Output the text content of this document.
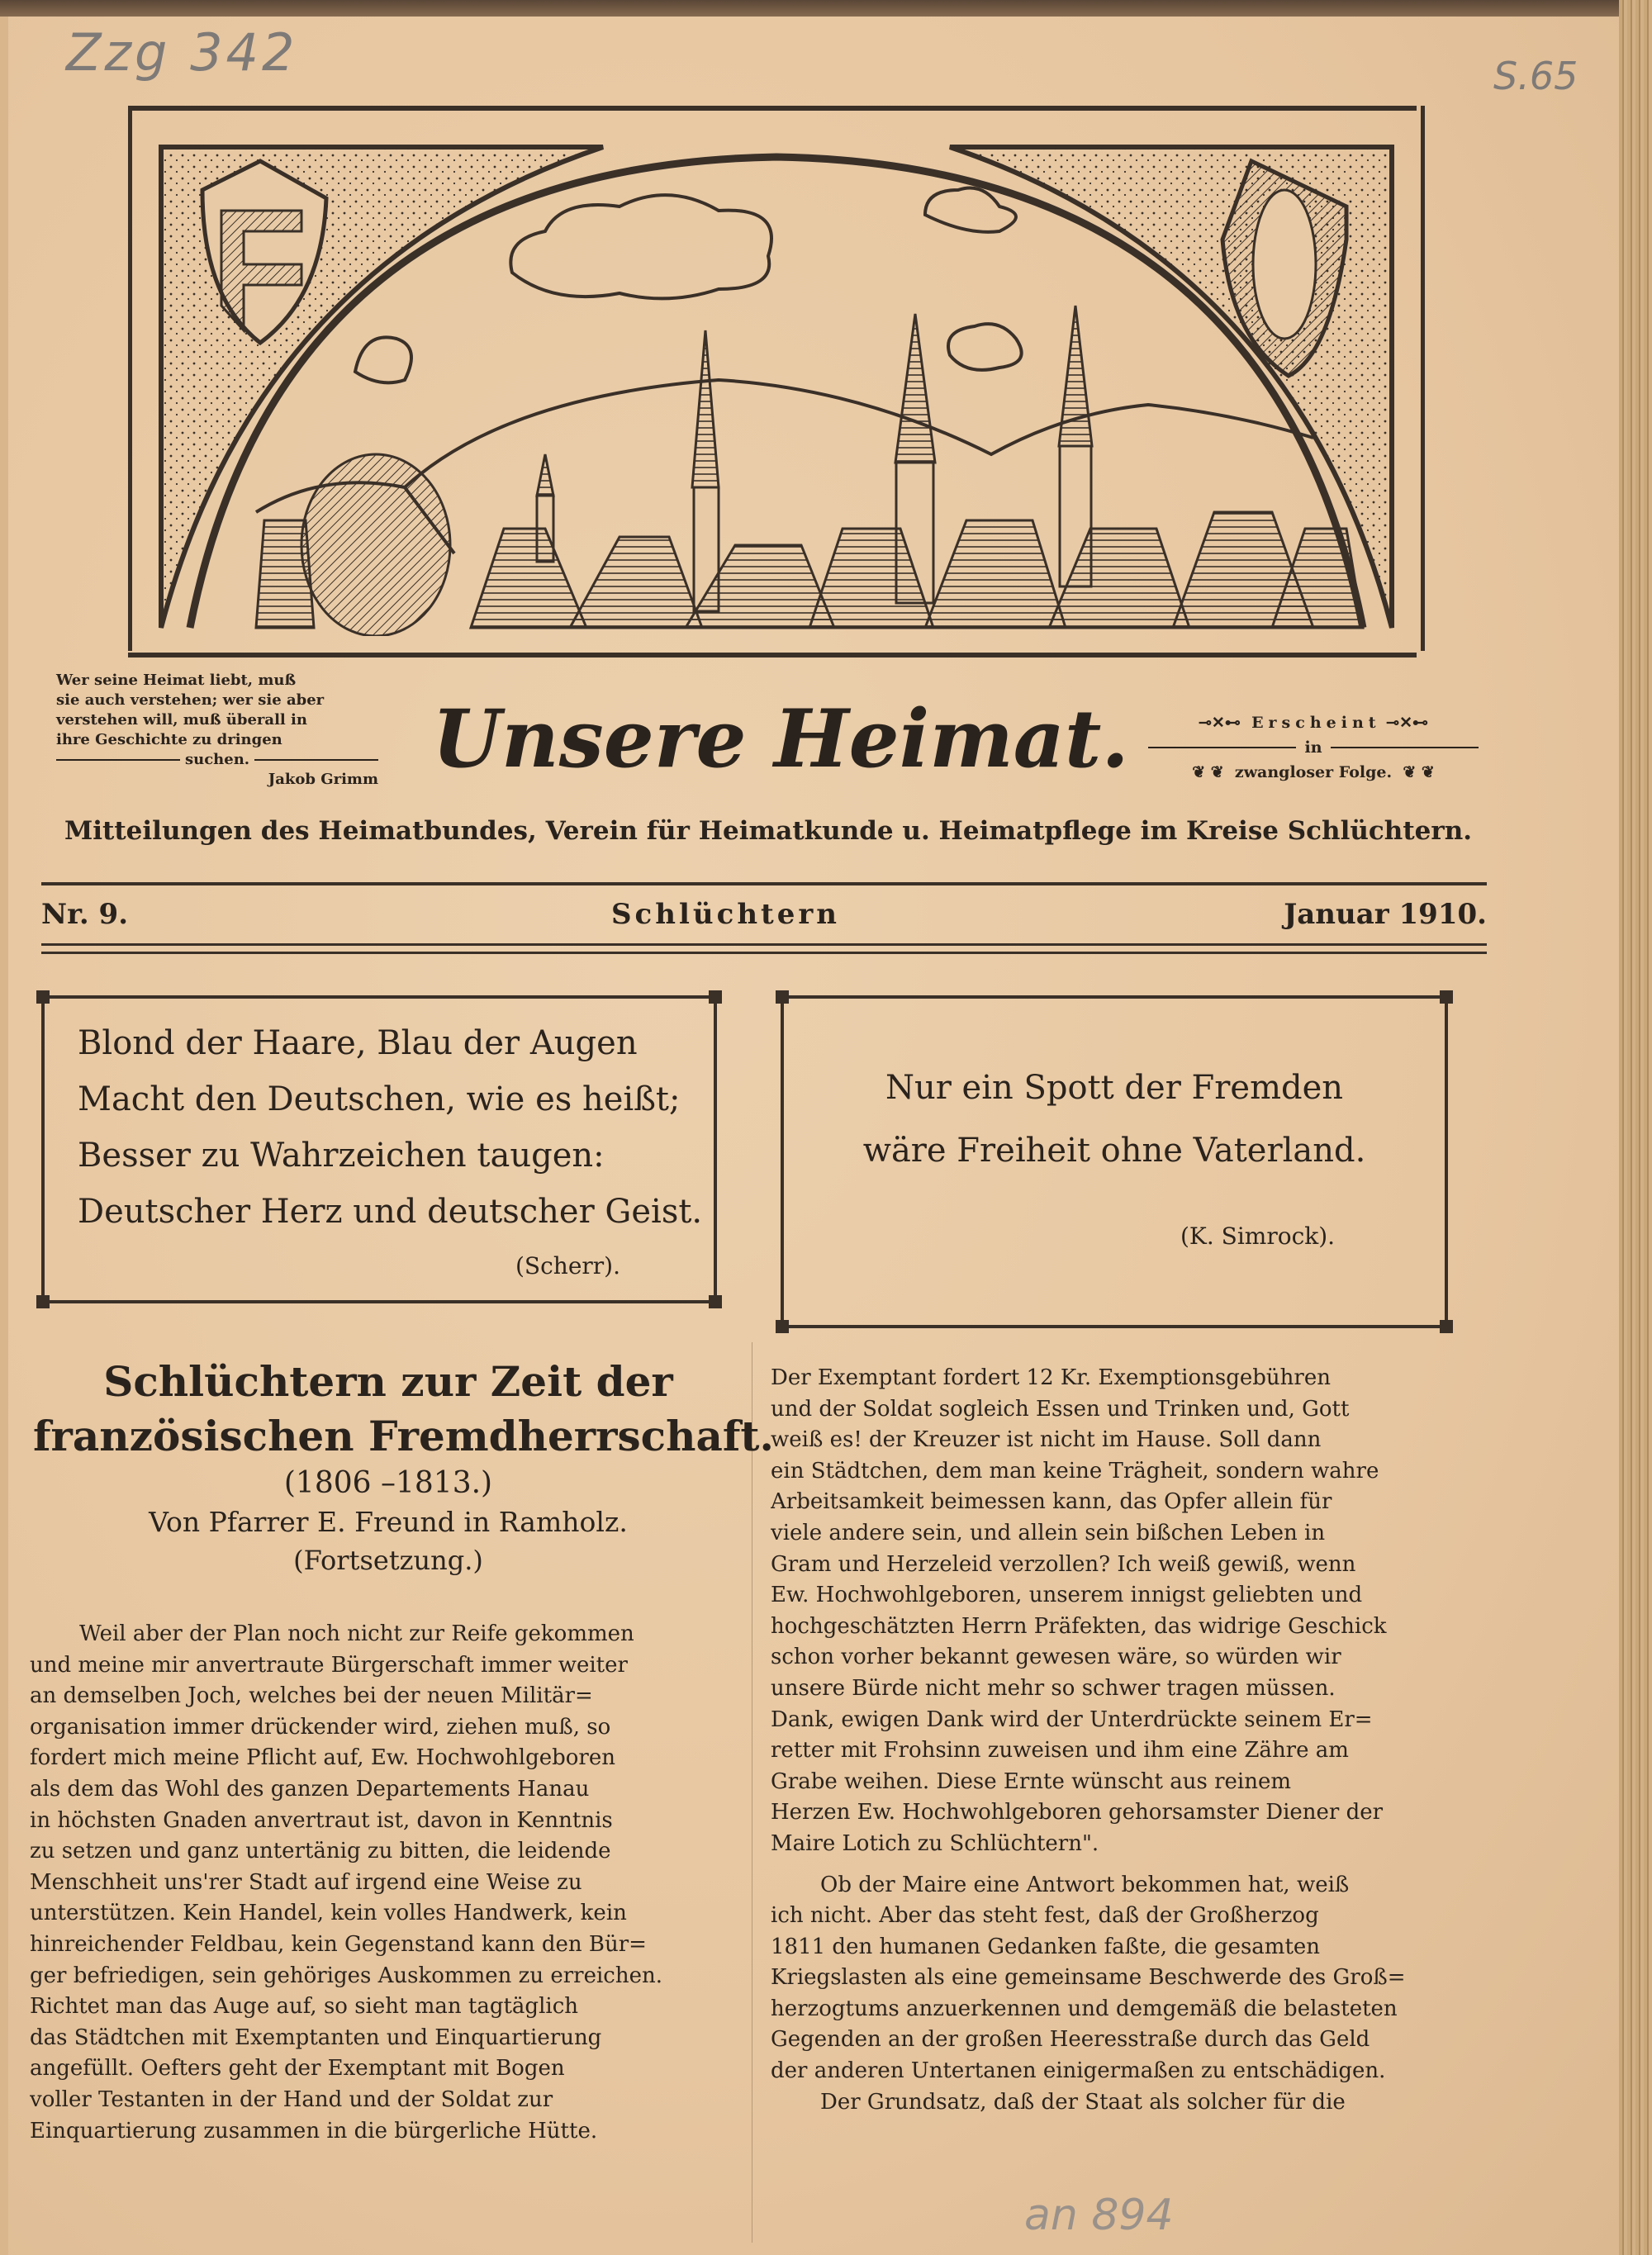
Zzg 342	S.65
Wer seine Heimat liebt, muß
sie auch verstehen; wer sie aber
verstehen will, muß überall in
ihre Geschichte zu dringen
suchen.
Jakob Grimm Unsere Heimat.	⊸✕⊷ Erscheint ⊸✕⊷
in
❦ ❦ zwangloser Folge. ❦ ❦
Mitteilungen des Heimatbundes, Verein für Heimatkunde u. Heimatpflege im Kreise Schlüchtern.
Nr. 9.	Schlüchtern	Januar 1910.
Blond der Haare, Blau der Augen
Macht den Deutschen, wie es heißt;
Besser zu Wahrzeichen taugen:
Deutscher Herz und deutscher Geist.
(Scherr).
Nur ein Spott der Fremden
wäre Freiheit ohne Vaterland.
(K. Simrock).
Schlüchtern zur Zeit der
französischen Fremdherrschaft.
(1806 –1813.)
Von Pfarrer E. Freund in Ramholz.
(Fortsetzung.)
Weil aber der Plan noch nicht zur Reife gekommen
und meine mir anvertraute Bürgerschaft immer weiter
an demselben Joch, welches bei der neuen Militär=
organisation immer drückender wird, ziehen muß, so
fordert mich meine Pflicht auf, Ew. Hochwohlgeboren
als dem das Wohl des ganzen Departements Hanau
in höchsten Gnaden anvertraut ist, davon in Kenntnis
zu setzen und ganz untertänig zu bitten, die leidende
Menschheit uns'rer Stadt auf irgend eine Weise zu
unterstützen. Kein Handel, kein volles Handwerk, kein
hinreichender Feldbau, kein Gegenstand kann den Bür=
ger befriedigen, sein gehöriges Auskommen zu erreichen.
Richtet man das Auge auf, so sieht man tagtäglich
das Städtchen mit Exemptanten und Einquartierung
angefüllt. Oefters geht der Exemptant mit Bogen
voller Testanten in der Hand und der Soldat zur
Einquartierung zusammen in die bürgerliche Hütte.
Der Exemptant fordert 12 Kr. Exemptionsgebühren
und der Soldat sogleich Essen und Trinken und, Gott
weiß es! der Kreuzer ist nicht im Hause. Soll dann
ein Städtchen, dem man keine Trägheit, sondern wahre
Arbeitsamkeit beimessen kann, das Opfer allein für
viele andere sein, und allein sein bißchen Leben in
Gram und Herzeleid verzollen? Ich weiß gewiß, wenn
Ew. Hochwohlgeboren, unserem innigst geliebten und
hochgeschätzten Herrn Präfekten, das widrige Geschick
schon vorher bekannt gewesen wäre, so würden wir
unsere Bürde nicht mehr so schwer tragen müssen.
Dank, ewigen Dank wird der Unterdrückte seinem Er=
retter mit Frohsinn zuweisen und ihm eine Zähre am
Grabe weihen. Diese Ernte wünscht aus reinem
Herzen Ew. Hochwohlgeboren gehorsamster Diener der
Maire Lotich zu Schlüchtern".
Ob der Maire eine Antwort bekommen hat, weiß
ich nicht. Aber das steht fest, daß der Großherzog
1811 den humanen Gedanken faßte, die gesamten
Kriegslasten als eine gemeinsame Beschwerde des Groß=
herzogtums anzuerkennen und demgemäß die belasteten
Gegenden an der großen Heeresstraße durch das Geld
der anderen Untertanen einigermaßen zu entschädigen.
Der Grundsatz, daß der Staat als solcher für die
an 894
